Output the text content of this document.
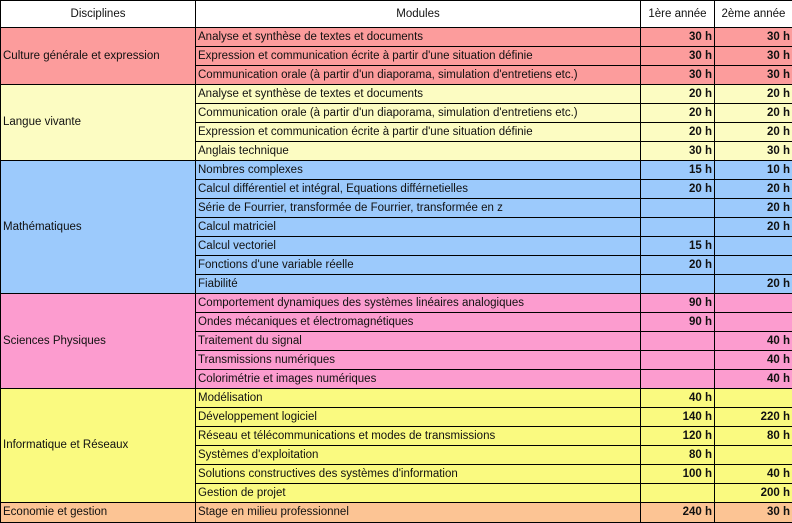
Disciplines	Modules	1ère année	2ème année
Culture générale et expression	Analyse et synthèse de textes et documents	30 h	30 h
	Expression et communication écrite à partir d'une situation définie	30 h	30 h
	Communication orale (à partir d'un diaporama, simulation d'entretiens etc.)	30 h	30 h
Langue vivante	Analyse et synthèse de textes et documents	20 h	20 h
	Communication orale (à partir d'un diaporama, simulation d'entretiens etc.)	20 h	20 h
	Expression et communication écrite à partir d'une situation définie	20 h	20 h
	Anglais technique	30 h	30 h
Mathématiques	Nombres complexes	15 h	10 h
	Calcul différentiel et intégral, Equations différnetielles	20 h	20 h
	Série de Fourrier, transformée de Fourrier, transformée en z		20 h
	Calcul matriciel		20 h
	Calcul vectoriel	15 h	
	Fonctions d'une variable réelle	20 h	
	Fiabilité		20 h
Sciences Physiques	Comportement dynamiques des systèmes linéaires analogiques	90 h	
	Ondes mécaniques et électromagnétiques	90 h	
	Traitement du signal		40 h
	Transmissions numériques		40 h
	Colorimétrie et images numériques		40 h
Informatique et Réseaux	Modélisation	40 h	
	Développement logiciel	140 h	220 h
	Réseau et télécommunications et modes de transmissions	120 h	80 h
	Systèmes d'exploitation	80 h	
	Solutions constructives des systèmes d'information	100 h	40 h
	Gestion de projet		200 h
Economie et gestion	Stage en milieu professionnel	240 h	30 h
